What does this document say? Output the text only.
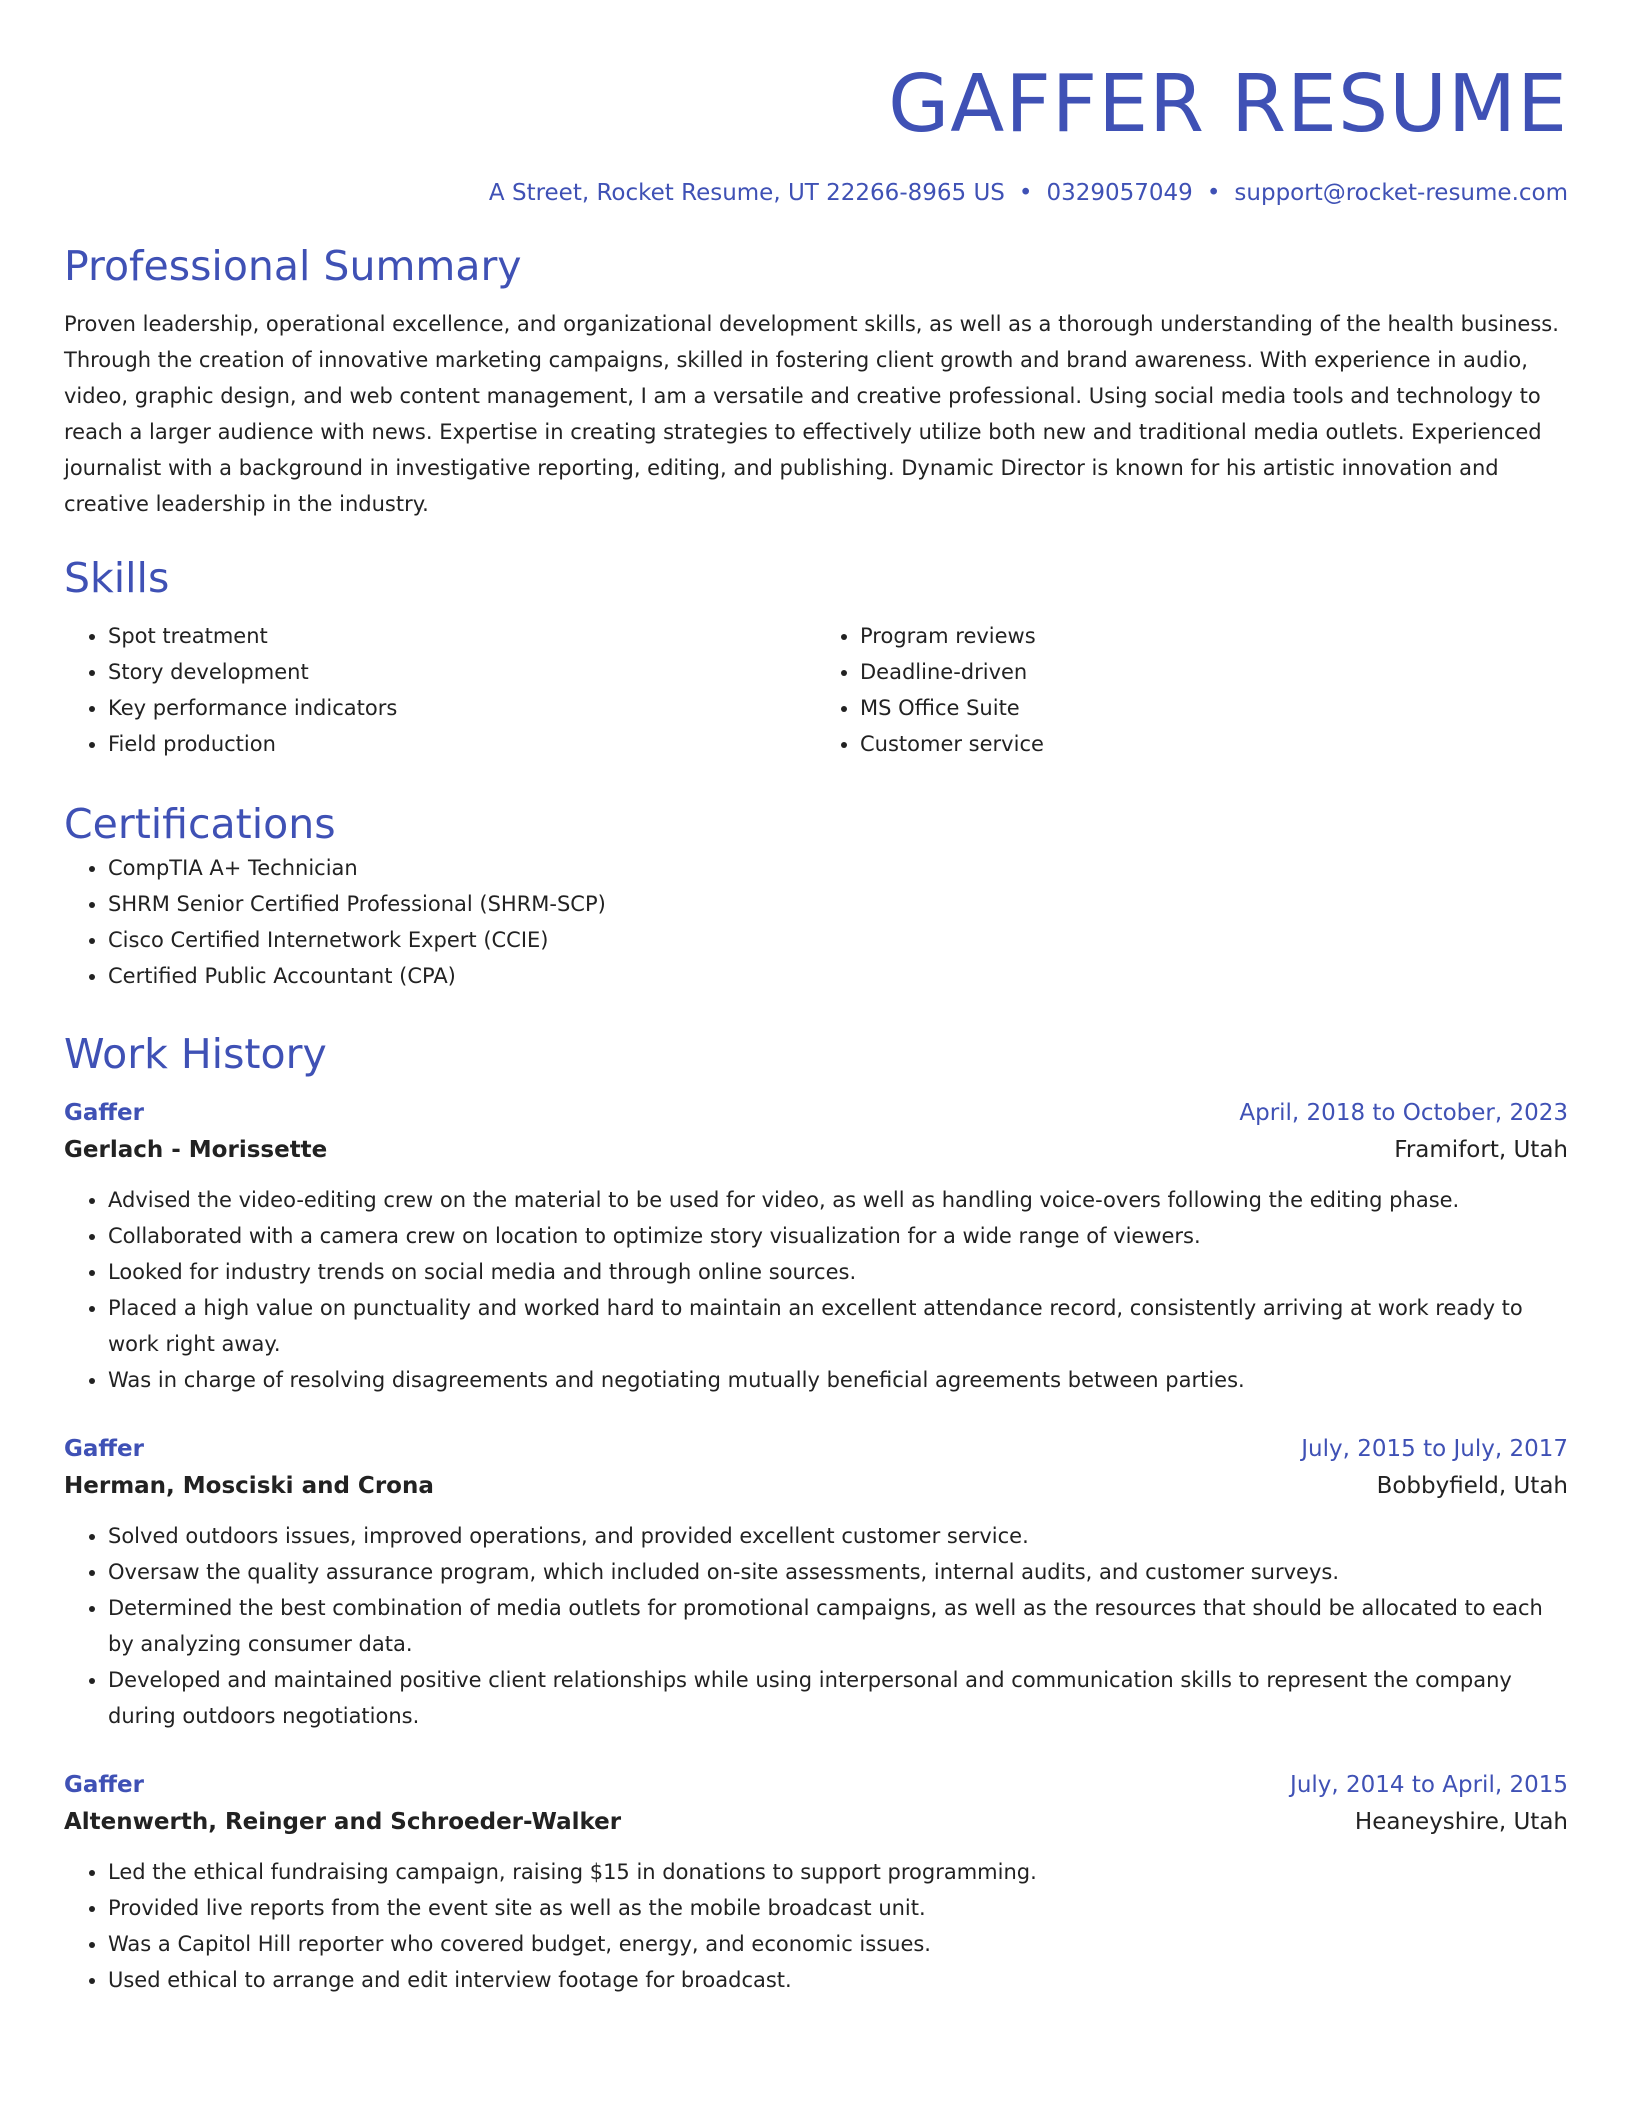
GAFFER RESUME
A Street, Rocket Resume, UT 22266-8965 US • 0329057049 • support@rocket-resume.com
Professional Summary
Proven leadership, operational excellence, and organizational development skills, as well as a thorough understanding of the health business. Through the creation of innovative marketing campaigns, skilled in fostering client growth and brand awareness. With experience in audio, video, graphic design, and web content management, I am a versatile and creative professional. Using social media tools and technology to reach a larger audience with news. Expertise in creating strategies to effectively utilize both new and traditional media outlets. Experienced journalist with a background in investigative reporting, editing, and publishing. Dynamic Director is known for his artistic innovation and creative leadership in the industry.
Skills
• Spot treatment
• Story development
• Key performance indicators
• Field production
• Program reviews
• Deadline-driven
• MS Office Suite
• Customer service
Certifications
• CompTIA A+ Technician
• SHRM Senior Certified Professional (SHRM-SCP)
• Cisco Certified Internetwork Expert (CCIE)
• Certified Public Accountant (CPA)
Work History
Gaffer	April, 2018 to October, 2023
Gerlach - Morissette	Framifort, Utah
• Advised the video-editing crew on the material to be used for video, as well as handling voice-overs following the editing phase.
• Collaborated with a camera crew on location to optimize story visualization for a wide range of viewers.
• Looked for industry trends on social media and through online sources.
• Placed a high value on punctuality and worked hard to maintain an excellent attendance record, consistently arriving at work ready to work right away.
• Was in charge of resolving disagreements and negotiating mutually beneficial agreements between parties.
Gaffer	July, 2015 to July, 2017
Herman, Mosciski and Crona	Bobbyfield, Utah
• Solved outdoors issues, improved operations, and provided excellent customer service.
• Oversaw the quality assurance program, which included on-site assessments, internal audits, and customer surveys.
• Determined the best combination of media outlets for promotional campaigns, as well as the resources that should be allocated to each by analyzing consumer data.
• Developed and maintained positive client relationships while using interpersonal and communication skills to represent the company during outdoors negotiations.
Gaffer	July, 2014 to April, 2015
Altenwerth, Reinger and Schroeder-Walker	Heaneyshire, Utah
• Led the ethical fundraising campaign, raising $15 in donations to support programming.
• Provided live reports from the event site as well as the mobile broadcast unit.
• Was a Capitol Hill reporter who covered budget, energy, and economic issues.
• Used ethical to arrange and edit interview footage for broadcast.
